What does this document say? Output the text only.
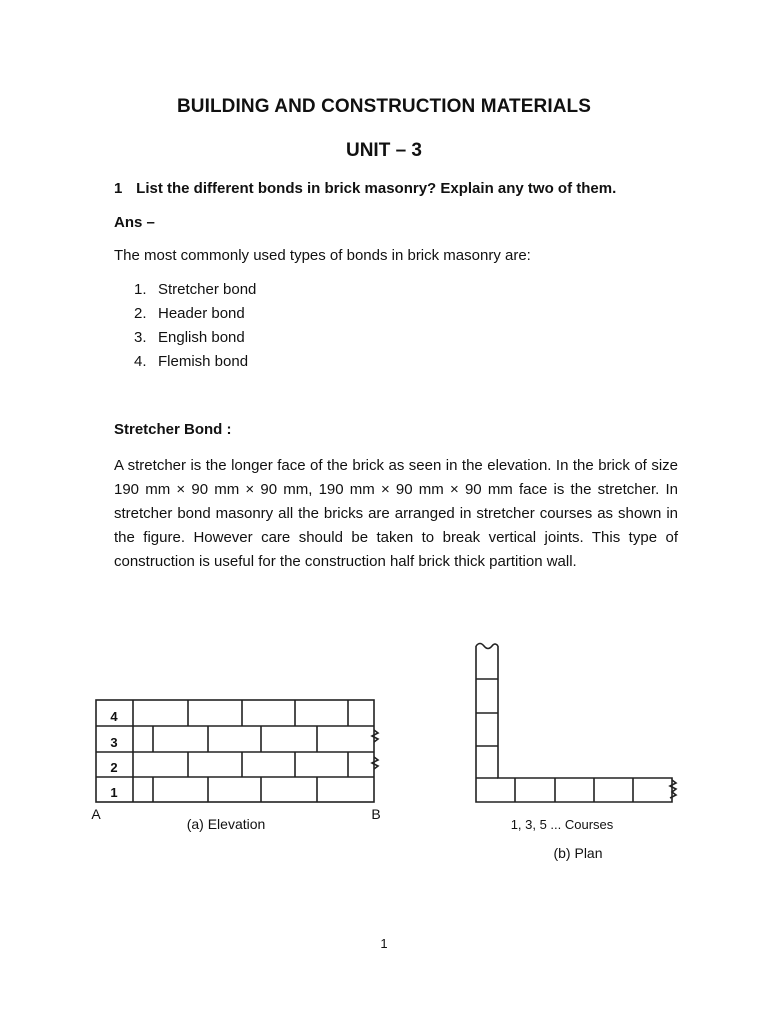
BUILDING AND CONSTRUCTION MATERIALS
UNIT – 3
1 List the different bonds in brick masonry? Explain any two of them.
Ans –
The most commonly used types of bonds in brick masonry are:
1. Stretcher bond
2. Header bond
3. English bond
4. Flemish bond
Stretcher Bond :
A stretcher is the longer face of the brick as seen in the elevation. In the brick of size 190 mm × 90 mm × 90 mm, 190 mm × 90 mm × 90 mm face is the stretcher. In stretcher bond masonry all the bricks are arranged in stretcher courses as shown in the figure. However care should be taken to break vertical joints. This type of construction is useful for the construction half brick thick partition wall.
4
3
2
1
A	B
(a) Elevation	1, 3, 5 ... Courses
(b) Plan
1
